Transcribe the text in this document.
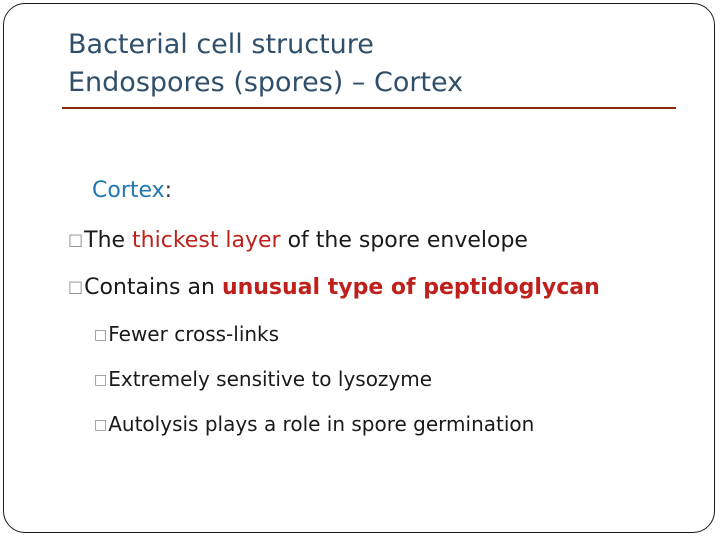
Bacterial cell structure
Endospores (spores) – Cortex
Cortex:
□The thickest layer of the spore envelope
□Contains an unusual type of peptidoglycan
□Fewer cross-links
□Extremely sensitive to lysozyme
□Autolysis plays a role in spore germination
